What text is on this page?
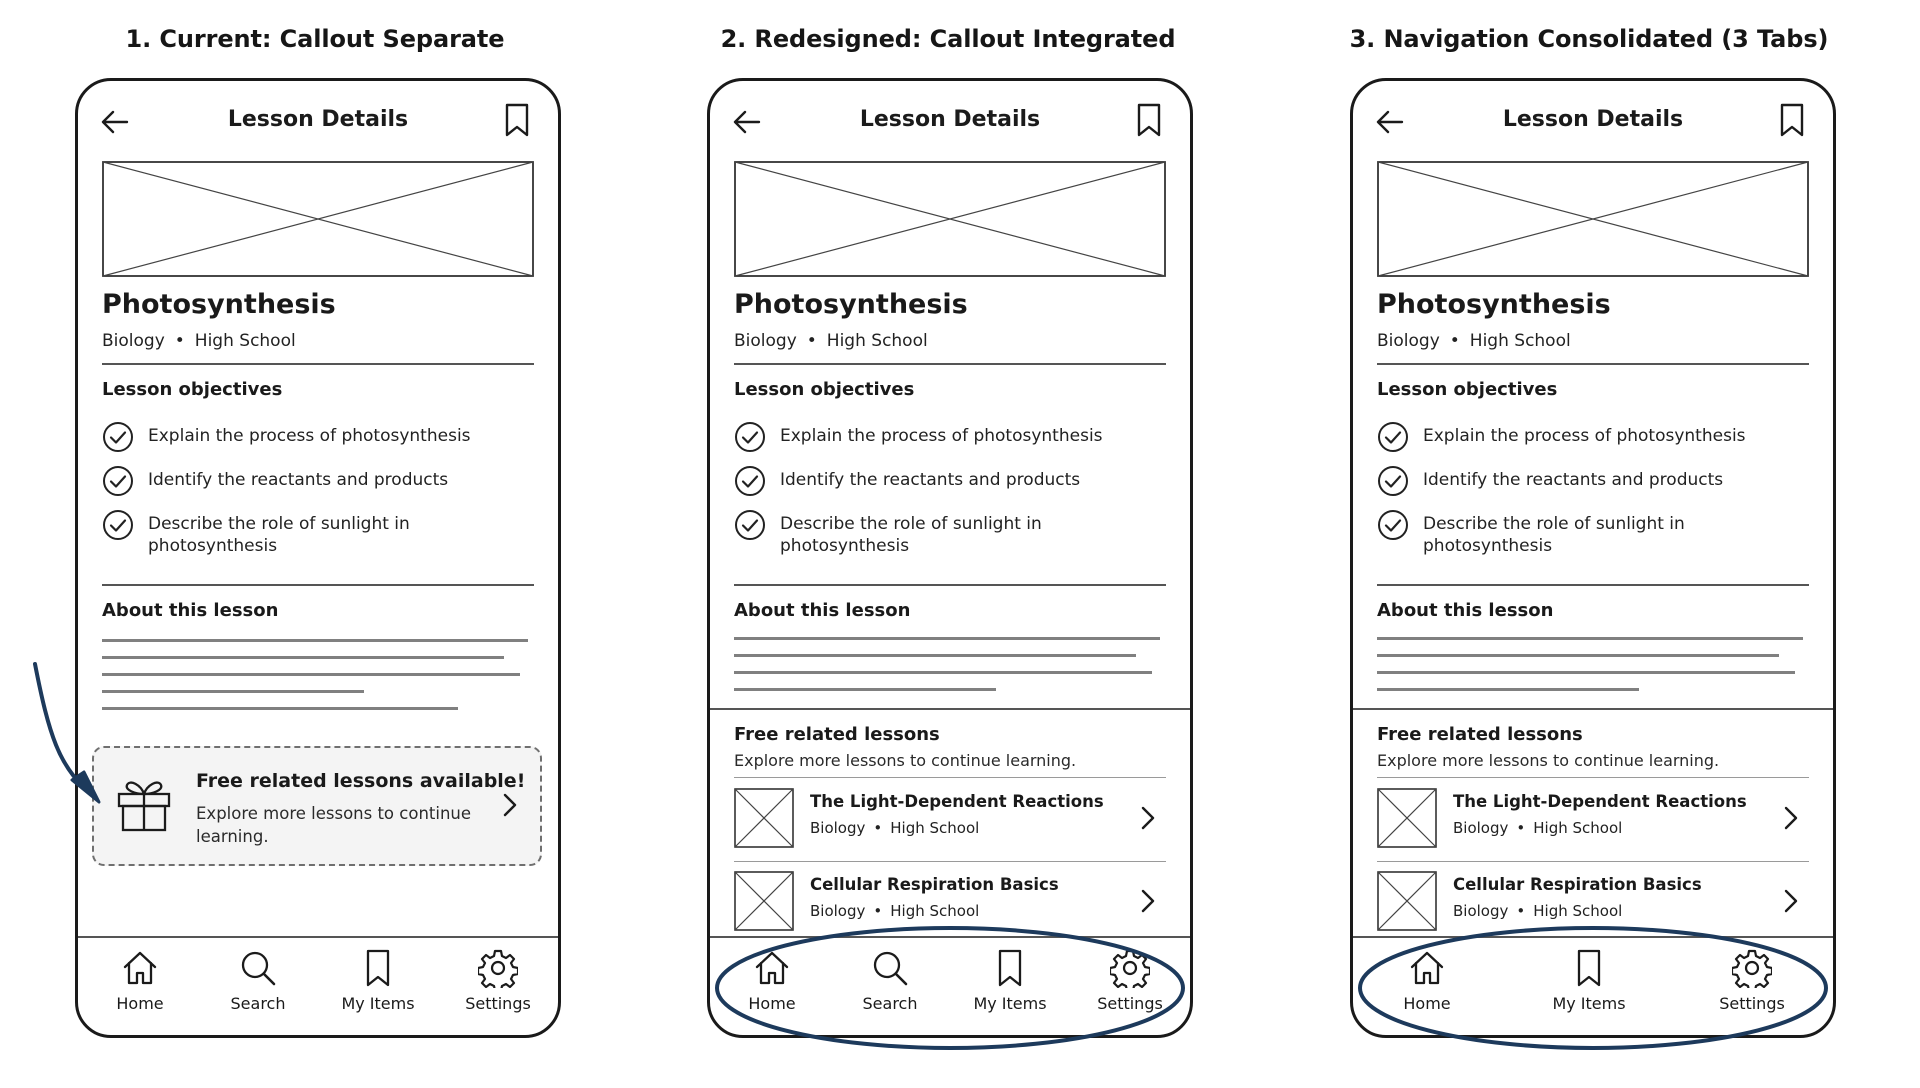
1. Current: Callout Separate
Lesson Details
Photosynthesis
Biology • High School
Lesson objectives
Explain the process of photosynthesis
Identify the reactants and products
Describe the role of sunlight in photosynthesis
About this lesson
Free related lessons available!
Explore more lessons to continue learning.
Home	Search	My Items	Settings
2. Redesigned: Callout Integrated
Lesson Details
Photosynthesis
Biology • High School
Lesson objectives
Explain the process of photosynthesis
Identify the reactants and products
Describe the role of sunlight in photosynthesis
About this lesson
Free related lessons
Explore more lessons to continue learning.
The Light-Dependent Reactions
Biology • High School
Cellular Respiration Basics
Biology • High School
Home	Search	My Items	Settings
3. Navigation Consolidated (3 Tabs)
Lesson Details
Photosynthesis
Biology • High School
Lesson objectives
Explain the process of photosynthesis
Identify the reactants and products
Describe the role of sunlight in photosynthesis
About this lesson
Free related lessons
Explore more lessons to continue learning.
The Light-Dependent Reactions
Biology • High School
Cellular Respiration Basics
Biology • High School
Home	My Items	Settings
